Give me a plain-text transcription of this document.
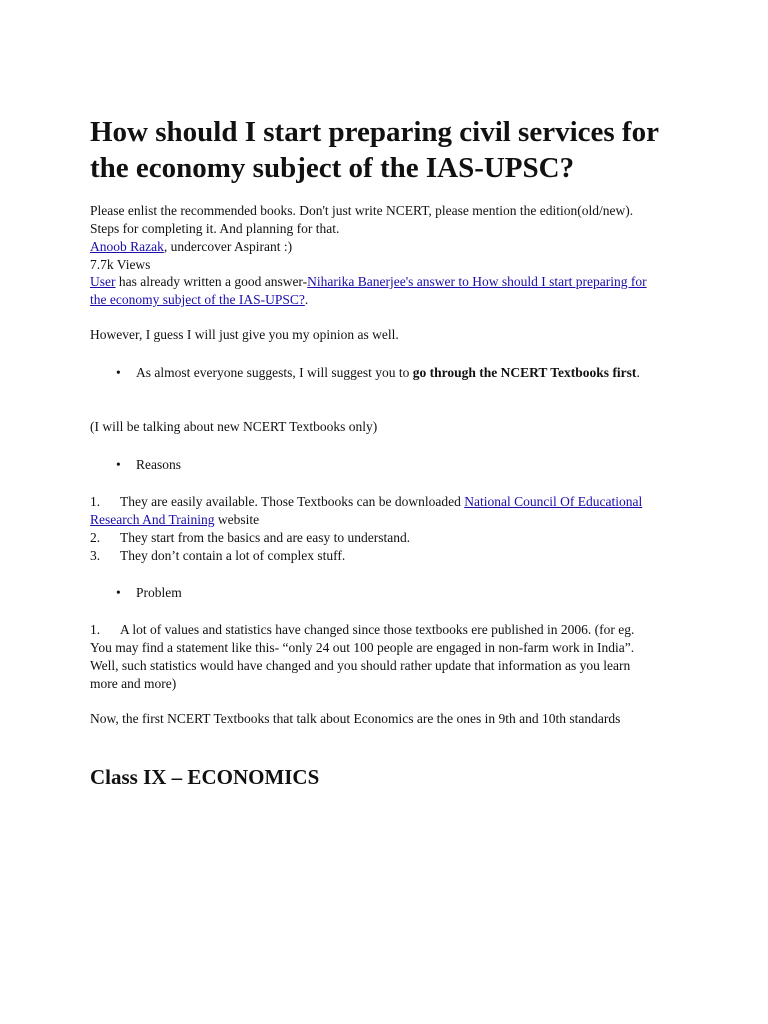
How should I start preparing civil services for the economy subject of the IAS-UPSC?

Please enlist the recommended books. Don't just write NCERT, please mention the edition(old/new). Steps for completing it. And planning for that.

Anoob Razak, undercover Aspirant :)
7.7k Views
User has already written a good answer-Niharika Banerjee's answer to How should I start preparing for the economy subject of the IAS-UPSC?.

However, I guess I will just give you my opinion as well.

• As almost everyone suggests, I will suggest you to go through the NCERT Textbooks first.

(I will be talking about new NCERT Textbooks only)

• Reasons
1. They are easily available. Those Textbooks can be downloaded National Council Of Educational Research And Training website
2. They start from the basics and are easy to understand.
3. They don’t contain a lot of complex stuff.
• Problem
1. A lot of values and statistics have changed since those textbooks ere published in 2006. (for eg. You may find a statement like this- “only 24 out 100 people are engaged in non-farm work in India”. Well, such statistics would have changed and you should rather update that information as you learn more and more)

Now, the first NCERT Textbooks that talk about Economics are the ones in 9th and 10th standards

Class IX – ECONOMICS
